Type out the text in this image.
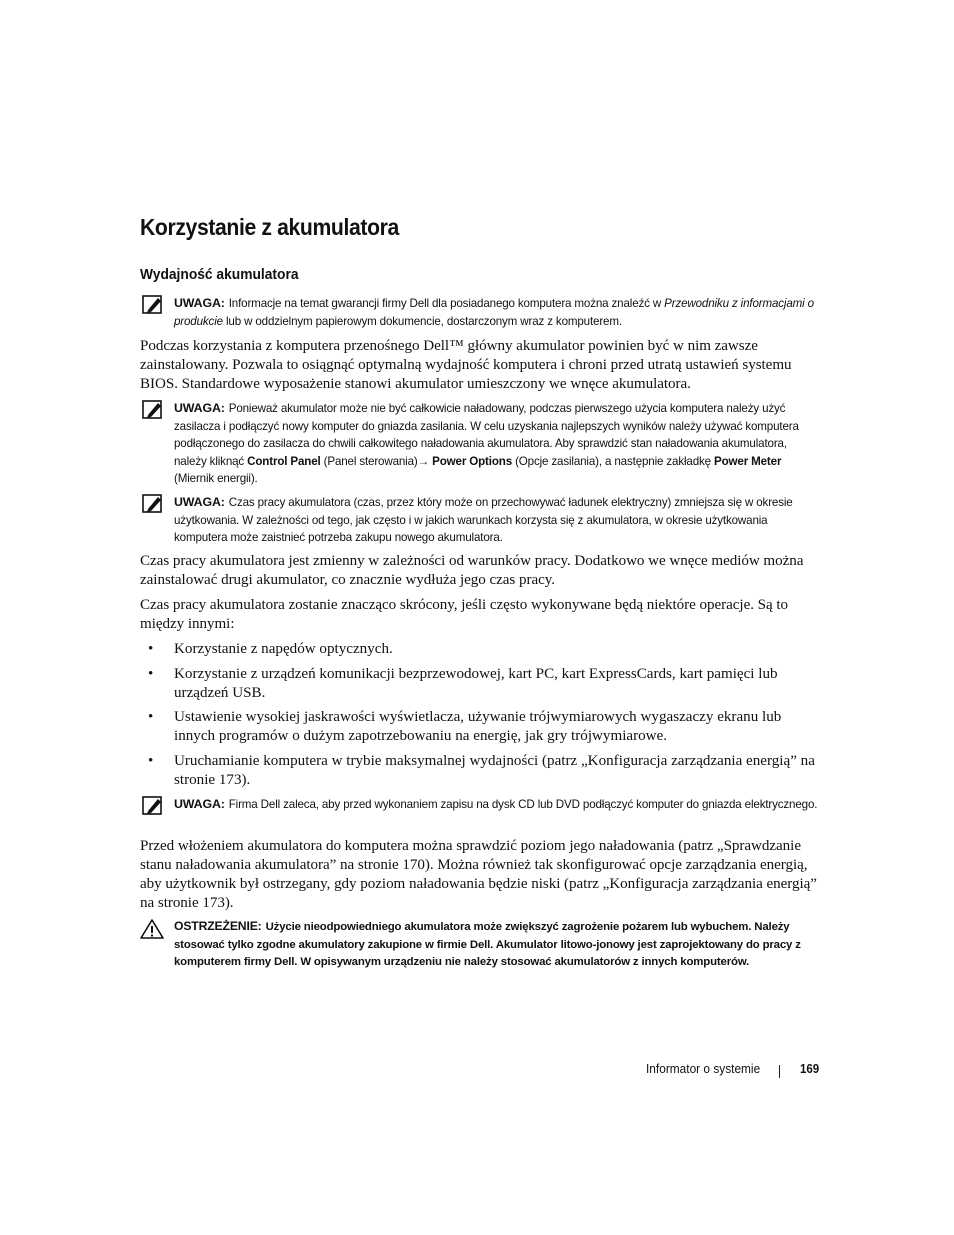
Korzystanie z akumulatora
Wydajność akumulatora
UWAGA: Informacje na temat gwarancji firmy Dell dla posiadanego komputera można znaleźć w Przewodniku z informacjami o produkcie lub w oddzielnym papierowym dokumencie, dostarczonym wraz z komputerem.

Podczas korzystania z komputera przenośnego Dell™ główny akumulator powinien być w nim zawsze zainstalowany. Pozwala to osiągnąć optymalną wydajność komputera i chroni przed utratą ustawień systemu BIOS. Standardowe wyposażenie stanowi akumulator umieszczony we wnęce akumulatora.

UWAGA: Ponieważ akumulator może nie być całkowicie naładowany, podczas pierwszego użycia komputera należy użyć zasilacza i podłączyć nowy komputer do gniazda zasilania. W celu uzyskania najlepszych wyników należy używać komputera podłączonego do zasilacza do chwili całkowitego naładowania akumulatora. Aby sprawdzić stan naładowania akumulatora, należy kliknąć Control Panel (Panel sterowania)→ Power Options (Opcje zasilania), a następnie zakładkę Power Meter (Miernik energii).
UWAGA: Czas pracy akumulatora (czas, przez który może on przechowywać ładunek elektryczny) zmniejsza się w okresie użytkowania. W zależności od tego, jak często i w jakich warunkach korzysta się z akumulatora, w okresie użytkowania komputera może zaistnieć potrzeba zakupu nowego akumulatora.

Czas pracy akumulatora jest zmienny w zależności od warunków pracy. Dodatkowo we wnęce mediów można zainstalować drugi akumulator, co znacznie wydłuża jego czas pracy.

Czas pracy akumulatora zostanie znacząco skrócony, jeśli często wykonywane będą niektóre operacje. Są to między innymi:

• Korzystanie z napędów optycznych.
• Korzystanie z urządzeń komunikacji bezprzewodowej, kart PC, kart ExpressCards, kart pamięci lub urządzeń USB.
• Ustawienie wysokiej jaskrawości wyświetlacza, używanie trójwymiarowych wygaszaczy ekranu lub innych programów o dużym zapotrzebowaniu na energię, jak gry trójwymiarowe.
• Uruchamianie komputera w trybie maksymalnej wydajności (patrz „Konfiguracja zarządzania energią” na stronie 173).
UWAGA: Firma Dell zaleca, aby przed wykonaniem zapisu na dysk CD lub DVD podłączyć komputer do gniazda elektrycznego.

Przed włożeniem akumulatora do komputera można sprawdzić poziom jego naładowania (patrz „Sprawdzanie stanu naładowania akumulatora” na stronie 170). Można również tak skonfigurować opcje zarządzania energią, aby użytkownik był ostrzegany, gdy poziom naładowania będzie niski (patrz „Konfiguracja zarządzania energią” na stronie 173).

OSTRZEŻENIE: Użycie nieodpowiedniego akumulatora może zwiększyć zagrożenie pożarem lub wybuchem. Należy stosować tylko zgodne akumulatory zakupione w firmie Dell. Akumulator litowo-jonowy jest zaprojektowany do pracy z komputerem firmy Dell. W opisywanym urządzeniu nie należy stosować akumulatorów z innych komputerów.
Informator o systemie	169
